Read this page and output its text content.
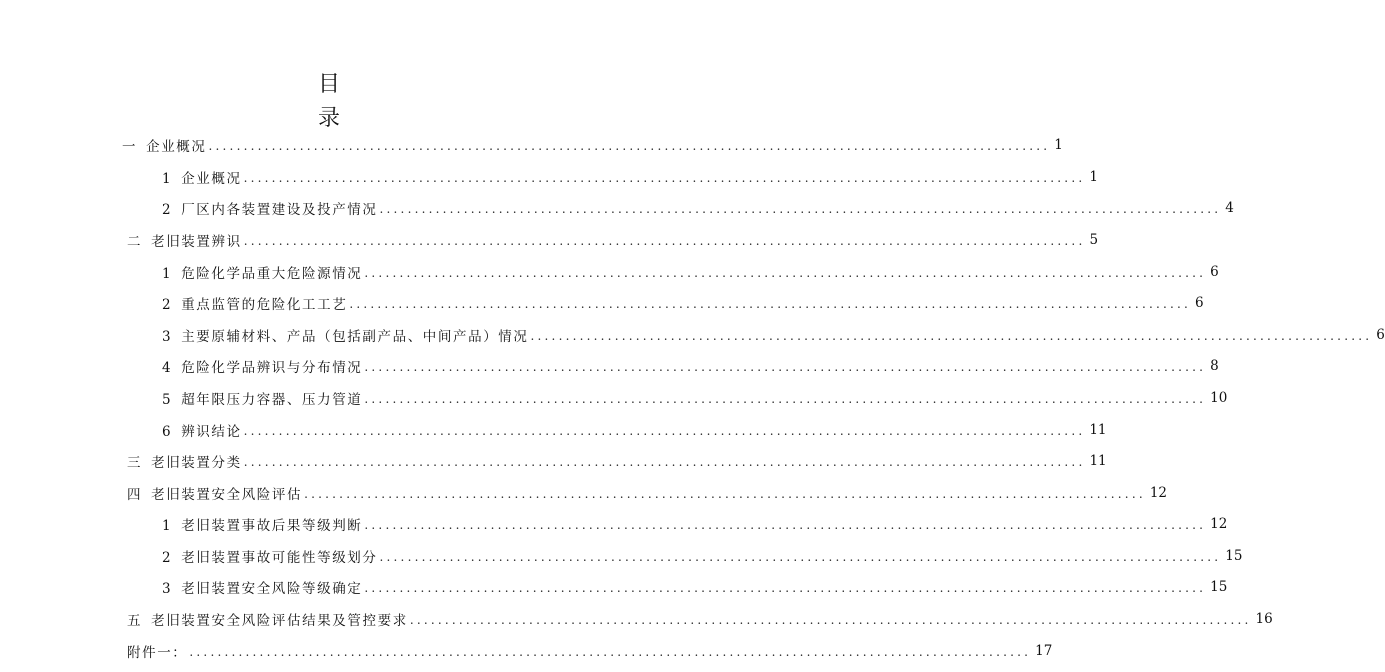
目 录
一 企业概况 ........................................................................................................................ 1
1 企业概况 ........................................................................................................................ 1
2 厂区内各装置建设及投产情况 ........................................................................................................................ 4
二 老旧装置辨识 ........................................................................................................................ 5
1 危险化学品重大危险源情况 ........................................................................................................................ 6
2 重点监管的危险化工工艺 ........................................................................................................................ 6
3 主要原辅材料、产品（包括副产品、中间产品）情况 ........................................................................................................................ 6
4 危险化学品辨识与分布情况 ........................................................................................................................ 8
5 超年限压力容器、压力管道 ........................................................................................................................ 10
6 辨识结论 ........................................................................................................................ 11
三 老旧装置分类 ........................................................................................................................ 11
四 老旧装置安全风险评估 ........................................................................................................................ 12
1 老旧装置事故后果等级判断 ........................................................................................................................ 12
2 老旧装置事故可能性等级划分 ........................................................................................................................ 15
3 老旧装置安全风险等级确定 ........................................................................................................................ 15
五 老旧装置安全风险评估结果及管控要求 ........................................................................................................................ 16
附件一： ........................................................................................................................ 17
